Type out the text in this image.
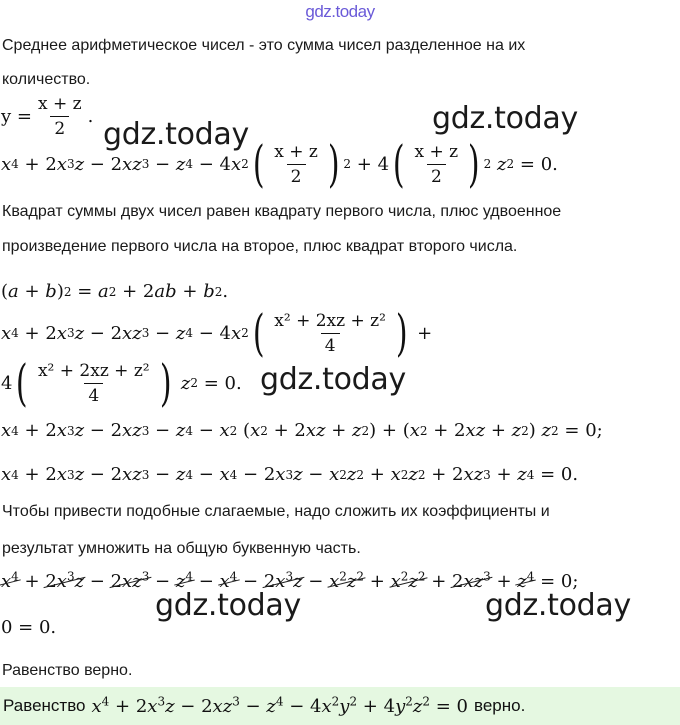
gdz.today
Среднее арифметическое чисел - это сумма чисел разделенное на их
количество.
$y = \frac{x + z}{2}$ .
gdz.today	gdz.today
x 4 + 2 x 3 z − 2 xz 3 − z 4 − 4 x 2 ( $\frac{x + z}{2}$ ) 2 + 4 ( $\frac{x + z}{2}$ ) 2
z 2 = 0.
Квадрат суммы двух чисел равен квадрату первого числа, плюс удвоенное
произведение первого числа на второе, плюс квадрат второго числа.
( a + b ) 2 = a 2 + 2 ab + b 2 .
x 4 + 2 x 3 z − 2 xz 3 − z 4 − 4 x 2 ( $\frac{\text{x² + 2xz + z²}}{4}$ ) +
4 ( $\frac{\text{x² + 2xz + z²}}{4}$ )
z 2 = 0. gdz.today
x 4 + 2 x 3 z − 2 xz 3 − z 4 − x 2 ( x 2 + 2 xz + z 2 ) + ( x 2 + 2 xz + z 2 ) z 2 = 0;
x 4 + 2 x 3 z − 2 xz 3 − z 4 − x 4 − 2 x 3 z − x 2 z 2 + x 2 z 2 + 2 xz 3 + z 4 = 0.
Чтобы привести подобные слагаемые, надо сложить их коэффициенты и
результат умножить на общую буквенную часть.
$x^4 + 2x^3z - 2xz^3 - z^4 - x^4 - 2x^3z - x^2z^2 + x^2z^2 + 2xz^3 + z^4 = 0$;
gdz.today	gdz.today
0 = 0.
Равенство верно.
Равенство $x^4 + 2x^3z - 2xz^3 - z^4 - 4x^2y^2 + 4y^2z^2 = 0$ верно.
